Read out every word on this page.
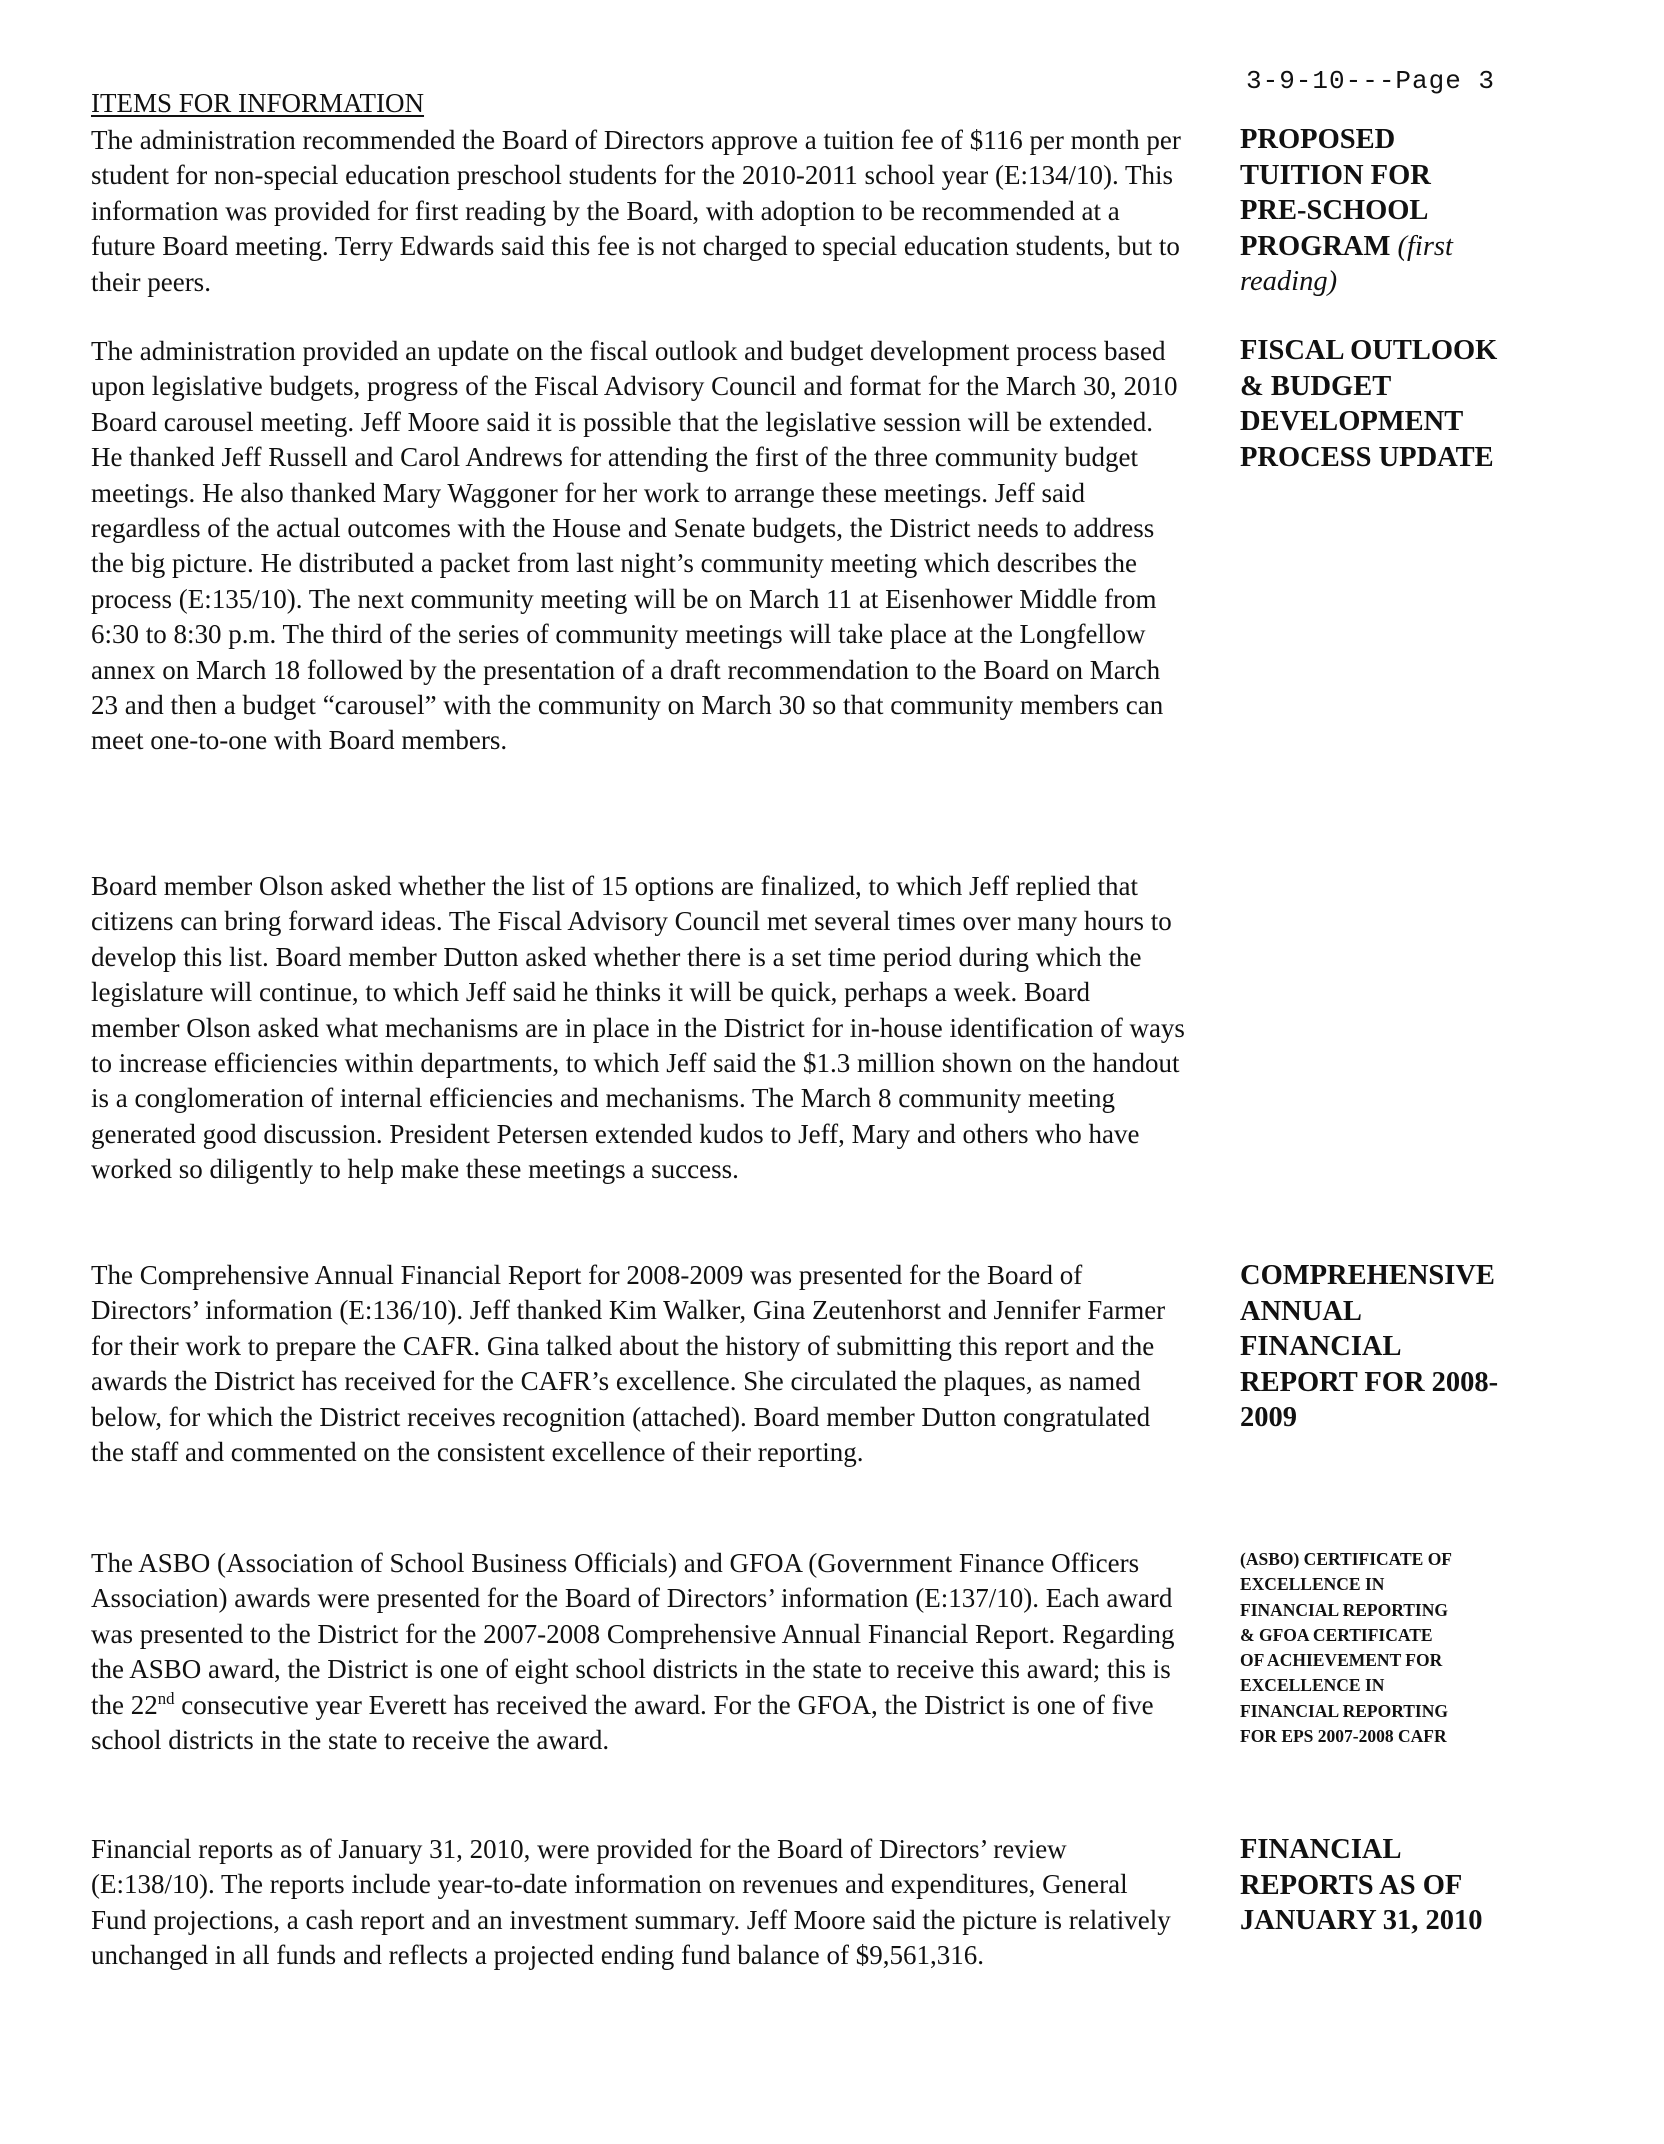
3-9-10---Page 3
ITEMS FOR INFORMATION

The administration recommended the Board of Directors approve a tuition fee of $116 per month per student for non-special education preschool students for the 2010-2011 school year (E:134/10). This information was provided for first reading by the Board, with adoption to be recommended at a future Board meeting. Terry Edwards said this fee is not charged to special education students, but to their peers.

The administration provided an update on the fiscal outlook and budget development process based upon legislative budgets, progress of the Fiscal Advisory Council and format for the March 30, 2010 Board carousel meeting. Jeff Moore said it is possible that the legislative session will be extended. He thanked Jeff Russell and Carol Andrews for attending the first of the three community budget meetings. He also thanked Mary Waggoner for her work to arrange these meetings. Jeff said regardless of the actual outcomes with the House and Senate budgets, the District needs to address the big picture. He distributed a packet from last night’s community meeting which describes the process (E:135/10). The next community meeting will be on March 11 at Eisenhower Middle from 6:30 to 8:30 p.m. The third of the series of community meetings will take place at the Longfellow annex on March 18 followed by the presentation of a draft recommendation to the Board on March 23 and then a budget “carousel” with the community on March 30 so that community members can meet one-to-one with Board members.

Board member Olson asked whether the list of 15 options are finalized, to which Jeff replied that citizens can bring forward ideas. The Fiscal Advisory Council met several times over many hours to develop this list. Board member Dutton asked whether there is a set time period during which the legislature will continue, to which Jeff said he thinks it will be quick, perhaps a week. Board member Olson asked what mechanisms are in place in the District for in-house identification of ways to increase efficiencies within departments, to which Jeff said the $1.3 million shown on the handout is a conglomeration of internal efficiencies and mechanisms. The March 8 community meeting generated good discussion. President Petersen extended kudos to Jeff, Mary and others who have worked so diligently to help make these meetings a success.

The Comprehensive Annual Financial Report for 2008-2009 was presented for the Board of Directors’ information (E:136/10). Jeff thanked Kim Walker, Gina Zeutenhorst and Jennifer Farmer for their work to prepare the CAFR. Gina talked about the history of submitting this report and the awards the District has received for the CAFR’s excellence. She circulated the plaques, as named below, for which the District receives recognition (attached). Board member Dutton congratulated the staff and commented on the consistent excellence of their reporting.

The ASBO (Association of School Business Officials) and GFOA (Government Finance Officers Association) awards were presented for the Board of Directors’ information (E:137/10). Each award was presented to the District for the 2007-2008 Comprehensive Annual Financial Report. Regarding the ASBO award, the District is one of eight school districts in the state to receive this award; this is the 22nd consecutive year Everett has received the award. For the GFOA, the District is one of five school districts in the state to receive the award.

Financial reports as of January 31, 2010, were provided for the Board of Directors’ review (E:138/10). The reports include year-to-date information on revenues and expenditures, General Fund projections, a cash report and an investment summary. Jeff Moore said the picture is relatively unchanged in all funds and reflects a projected ending fund balance of $9,561,316.

PROPOSED
TUITION FOR
PRE-SCHOOL
PROGRAM (first
reading)
FISCAL OUTLOOK
& BUDGET
DEVELOPMENT
PROCESS UPDATE
COMPREHENSIVE
ANNUAL
FINANCIAL
REPORT FOR 2008-
2009
(ASBO) CERTIFICATE OF
EXCELLENCE IN
FINANCIAL REPORTING
& GFOA CERTIFICATE
OF ACHIEVEMENT FOR
EXCELLENCE IN
FINANCIAL REPORTING
FOR EPS 2007-2008 CAFR
FINANCIAL
REPORTS AS OF
JANUARY 31, 2010
